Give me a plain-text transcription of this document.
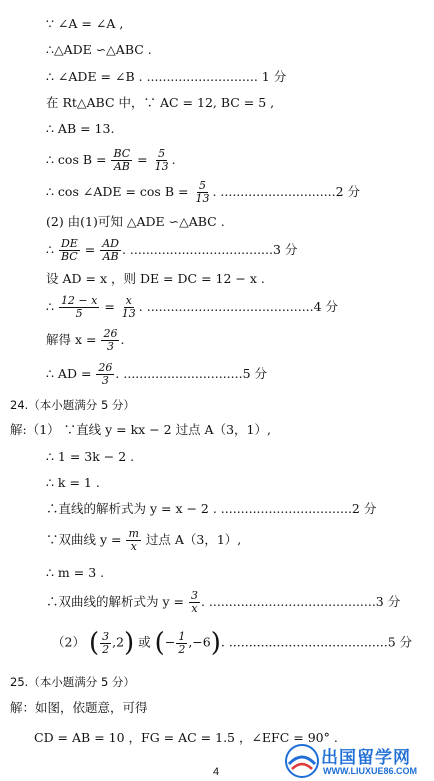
∵ ∠A = ∠A ,
∴△ADE ∽△ABC .
∴ ∠ADE = ∠B . ............................ 1 分
在 Rt△ABC 中，∵ AC = 12, BC = 5 ,
∴ AB = 13.
∴ $\cos B = \frac{BC}{AB} = \frac{5}{13}$ .
∴ cos ∠ADE = $\cos B = \frac{5}{13}$ . .............................2 分
(2) 由(1)可知 △ADE ∽△ABC .
∴ $\frac{DE}{BC} = \frac{AD}{AB}$ . ....................................3 分
设 AD = x ，则 DE = DC = 12 − x .
∴ $\frac{12 - x}{5} = \frac{x}{13}$ . ..........................................4 分
解得 $x = \frac{26}{3}$ .
∴ AD = $\frac{26}{3}$ . ..............................5 分
24.（本小题满分 5 分）
解:（1） ∵直线 y = kx − 2 过点 A（3，1）,
∴ 1 = 3k − 2 .
∴ k = 1 .
∴直线的解析式为 y = x − 2 . .................................2 分
∵双曲线 $y = \frac{m}{x}$ 过点 A（3，1）,
∴ m = 3 .
∴双曲线的解析式为 $y = \frac{3}{x}$ . ..........................................3 分
（2） ( $\frac{3}{2} ,2$) 或 (− $\frac{1}{2} ,-6$). ........................................5 分
25.（本小题满分 5 分）
解：如图，依题意，可得
CD = AB = 10 ，FG = AC = 1.5 ，∠EFC = 90° .
4
出国留学网
WWW.LIUXUE86.COM
